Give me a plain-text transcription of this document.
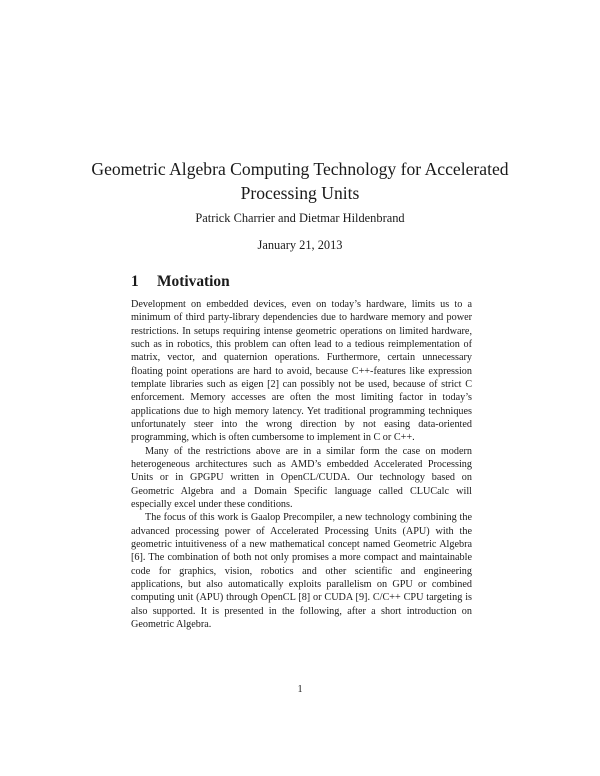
Geometric Algebra Computing Technology for Accelerated Processing Units
Patrick Charrier and Dietmar Hildenbrand
January 21, 2013
1 Motivation

Development on embedded devices, even on today’s hardware, limits us to a minimum of third party-library dependencies due to hardware memory and power restrictions. In setups requiring intense geometric operations on limited hardware, such as in robotics, this problem can often lead to a tedious reimplementation of matrix, vector, and quaternion operations. Furthermore, certain unnecessary floating point operations are hard to avoid, because C++-features like expression template libraries such as eigen [2] can possibly not be used, because of strict C enforcement. Memory accesses are often the most limiting factor in today’s applications due to high memory latency. Yet traditional programming techniques unfortunately steer into the wrong direction by not easing data-oriented programming, which is often cumbersome to implement in C or C++.

Many of the restrictions above are in a similar form the case on modern heterogeneous architectures such as AMD’s embedded Accelerated Processing Units or in GPGPU written in OpenCL/CUDA. Our technology based on Geometric Algebra and a Domain Specific language called CLUCalc will especially excel under these conditions.

The focus of this work is Gaalop Precompiler, a new technology combining the advanced processing power of Accelerated Processing Units (APU) with the geometric intuitiveness of a new mathematical concept named Geometric Algebra [6]. The combination of both not only promises a more compact and maintainable code for graphics, vision, robotics and other scientific and engineering applications, but also automatically exploits parallelism on GPU or combined computing unit (APU) through OpenCL [8] or CUDA [9]. C/C++ CPU targeting is also supported. It is presented in the following, after a short introduction on Geometric Algebra.

1
